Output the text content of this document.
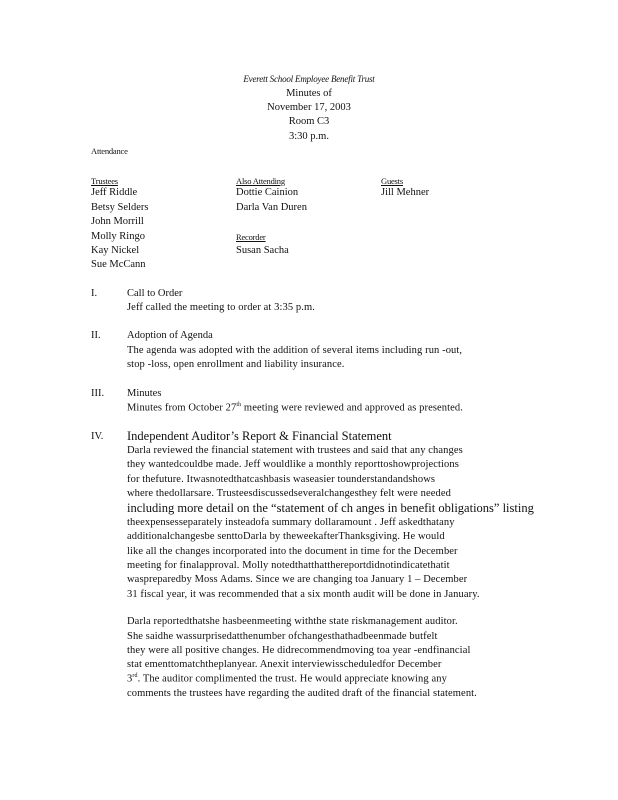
Everett School Employee Benefit Trust
Minutes of
November 17, 2003
Room C3
3:30 p.m.
Attendance
Trustees
Jeff Riddle
Betsy Selders
John Morrill
Molly Ringo
Kay Nickel
Sue McCann
Also Attending
Dottie Cainion
Darla Van Duren
Recorder
Susan Sacha
Guests
Jill Mehner
I.	Call to Order
Jeff called the meeting to order at 3:35 p.m.
II.	Adoption of Agenda
The agenda was adopted with the addition of several items including run -out,
stop -loss, open enrollment and liability insurance.
III. Minutes
Minutes from October 27th meeting were reviewed and approved as presented.
IV. Independent Auditor’s Report & Financial Statement
Darla reviewed the financial statement with trustees and said that any changes
they wantedcouldbe made. Jeff wouldlike a monthly reporttoshowprojections
for thefuture. Itwasnotedthatcashbasis waseasier tounderstandandshows
where thedollarsare. Trusteesdiscussedseveralchangesthey felt were needed
including more detail on the “statement of ch anges in benefit obligations” listing
theexpensesseparately insteadofa summary dollaramount . Jeff askedthatany
additionalchangesbe senttoDarla by theweekafterThanksgiving. He would
like all the changes incorporated into the document in time for the December
meeting for finalapproval. Molly notedthatthatthereportdidnotindicatethatit
waspreparedby Moss Adams. Since we are changing toa January 1 – December
31 fiscal year, it was recommended that a six month audit will be done in January.
Darla reportedthatshe hasbeenmeeting withthe state riskmanagement auditor.
She saidhe wassurprisedatthenumber ofchangesthathadbeenmade butfelt
they were all positive changes. He didrecommendmoving toa year -endfinancial
stat ementtomatchtheplanyear. Anexit interviewisscheduledfor December
3rd. The auditor complimented the trust. He would appreciate knowing any
comments the trustees have regarding the audited draft of the financial statement.
